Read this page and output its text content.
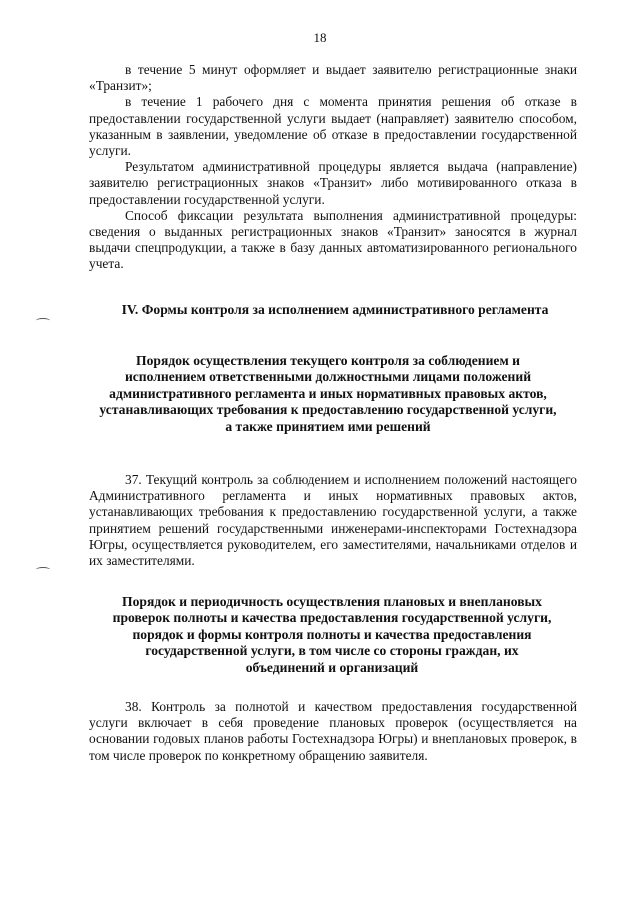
18

в течение 5 минут оформляет и выдает заявителю регистрационные знаки «Транзит»;

в течение 1 рабочего дня с момента принятия решения об отказе в предоставлении государственной услуги выдает (направляет) заявителю способом, указанным в заявлении, уведомление об отказе в предоставлении государственной услуги.

Результатом административной процедуры является выдача (направление) заявителю регистрационных знаков «Транзит» либо мотивированного отказа в предоставлении государственной услуги.

Способ фиксации результата выполнения административной процедуры: сведения о выданных регистрационных знаков «Транзит» заносятся в журнал выдачи спецпродукции, а также в базу данных автоматизированного регионального учета.

IV. Формы контроля за исполнением административного регламента

Порядок осуществления текущего контроля за соблюдением и исполнением ответственными должностными лицами положений административного регламента и иных нормативных правовых актов, устанавливающих требования к предоставлению государственной услуги, а также принятием ими решений

37. Текущий контроль за соблюдением и исполнением положений настоящего Административного регламента и иных нормативных правовых актов, устанавливающих требования к предоставлению государственной услуги, а также принятием решений государственными инженерами-инспекторами Гостехнадзора Югры, осуществляется руководителем, его заместителями, начальниками отделов и их заместителями.

Порядок и периодичность осуществления плановых и внеплановых проверок полноты и качества предоставления государственной услуги, порядок и формы контроля полноты и качества предоставления государственной услуги, в том числе со стороны граждан, их объединений и организаций

38. Контроль за полнотой и качеством предоставления государственной услуги включает в себя проведение плановых проверок (осуществляется на основании годовых планов работы Гостехнадзора Югры) и внеплановых проверок, в том числе проверок по конкретному обращению заявителя.
